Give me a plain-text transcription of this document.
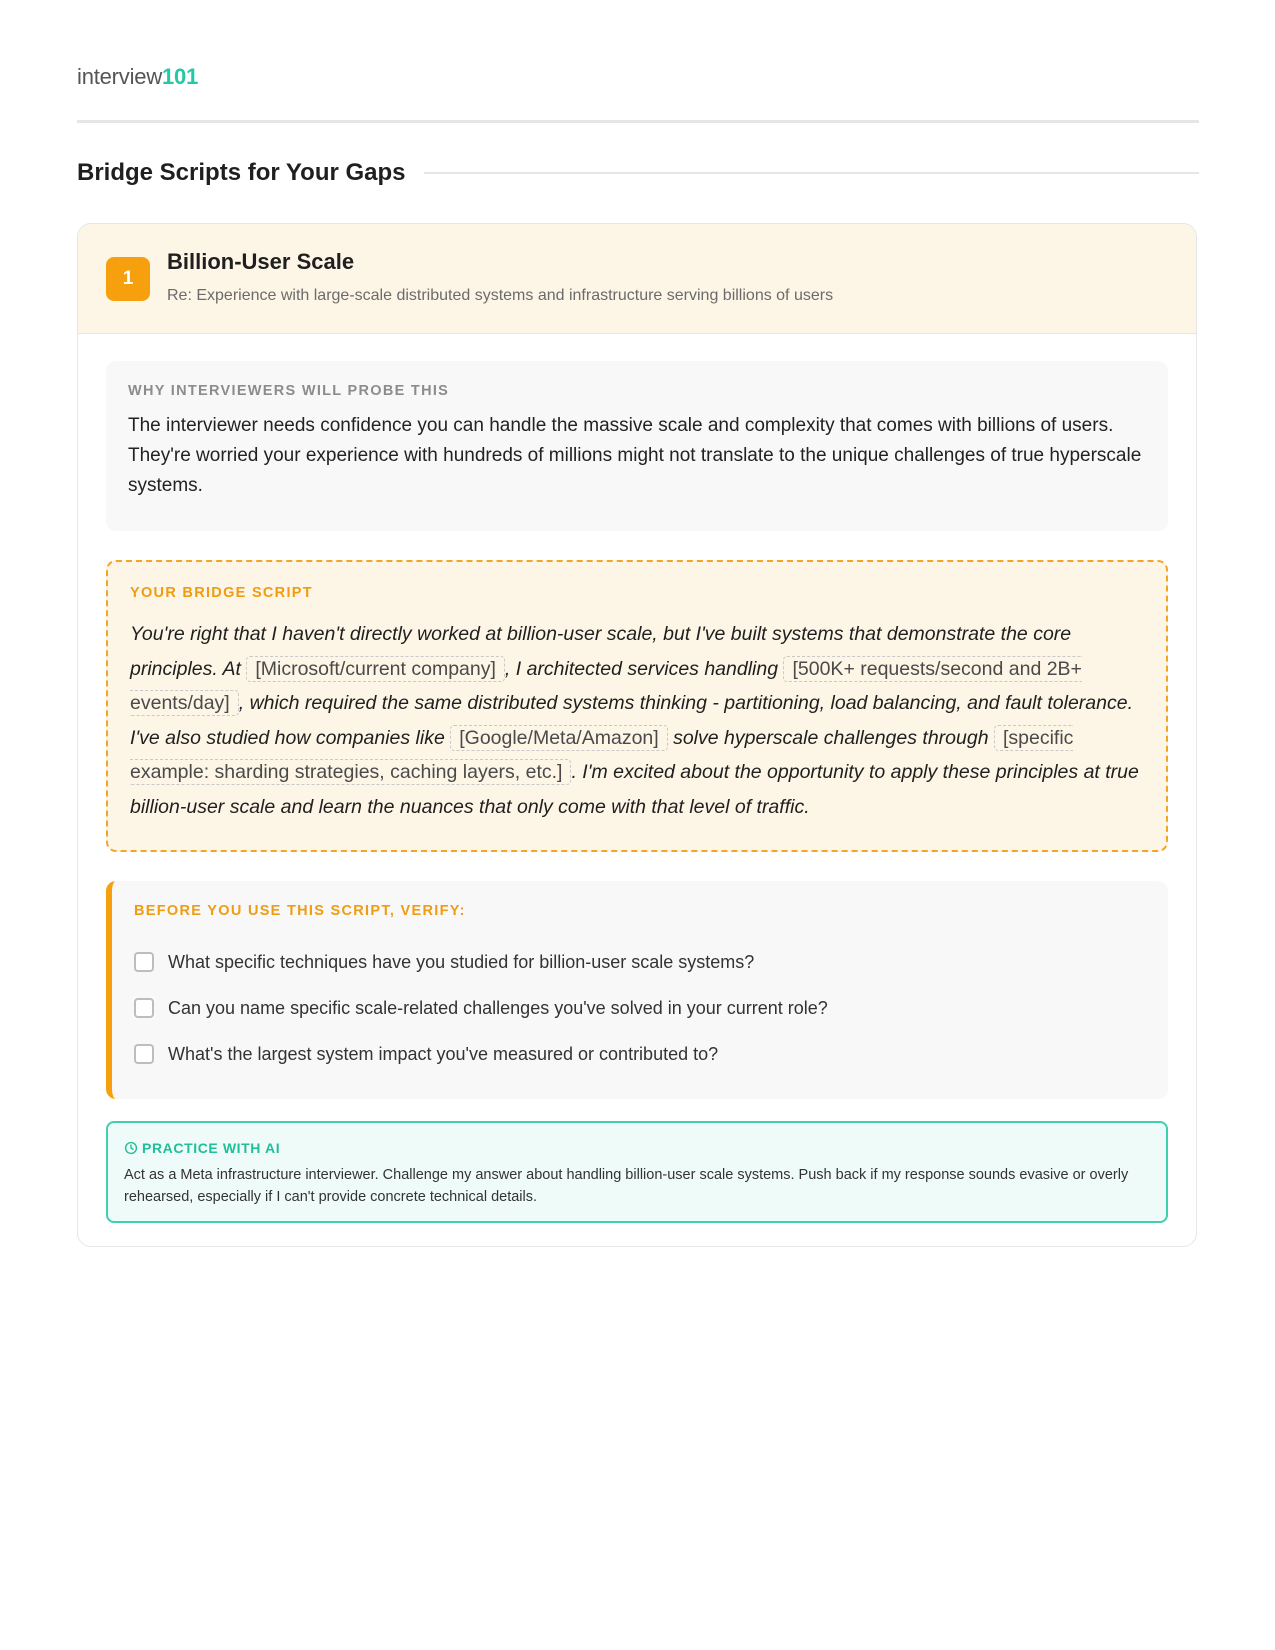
interview101
Bridge Scripts for Your Gaps
1
Billion-User Scale
Re: Experience with large-scale distributed systems and infrastructure serving billions of users
WHY INTERVIEWERS WILL PROBE THIS
The interviewer needs confidence you can handle the massive scale and complexity that comes with billions of users. They're worried your experience with hundreds of millions might not translate to the unique challenges of true hyperscale systems.
YOUR BRIDGE SCRIPT
You're right that I haven't directly worked at billion-user scale, but I've built systems that demonstrate the core principles. At [Microsoft/current company] , I architected services handling [500K+ requests/second and 2B+ events/day] , which required the same distributed systems thinking - partitioning, load balancing, and fault tolerance. I've also studied how companies like [Google/Meta/Amazon] solve hyperscale challenges through [specific example: sharding strategies, caching layers, etc.] . I'm excited about the opportunity to apply these principles at true billion-user scale and learn the nuances that only come with that level of traffic.
BEFORE YOU USE THIS SCRIPT, VERIFY:
What specific techniques have you studied for billion-user scale systems?
Can you name specific scale-related challenges you've solved in your current role?
What's the largest system impact you've measured or contributed to?
PRACTICE WITH AI
Act as a Meta infrastructure interviewer. Challenge my answer about handling billion-user scale systems. Push back if my response sounds evasive or overly rehearsed, especially if I can't provide concrete technical details.
